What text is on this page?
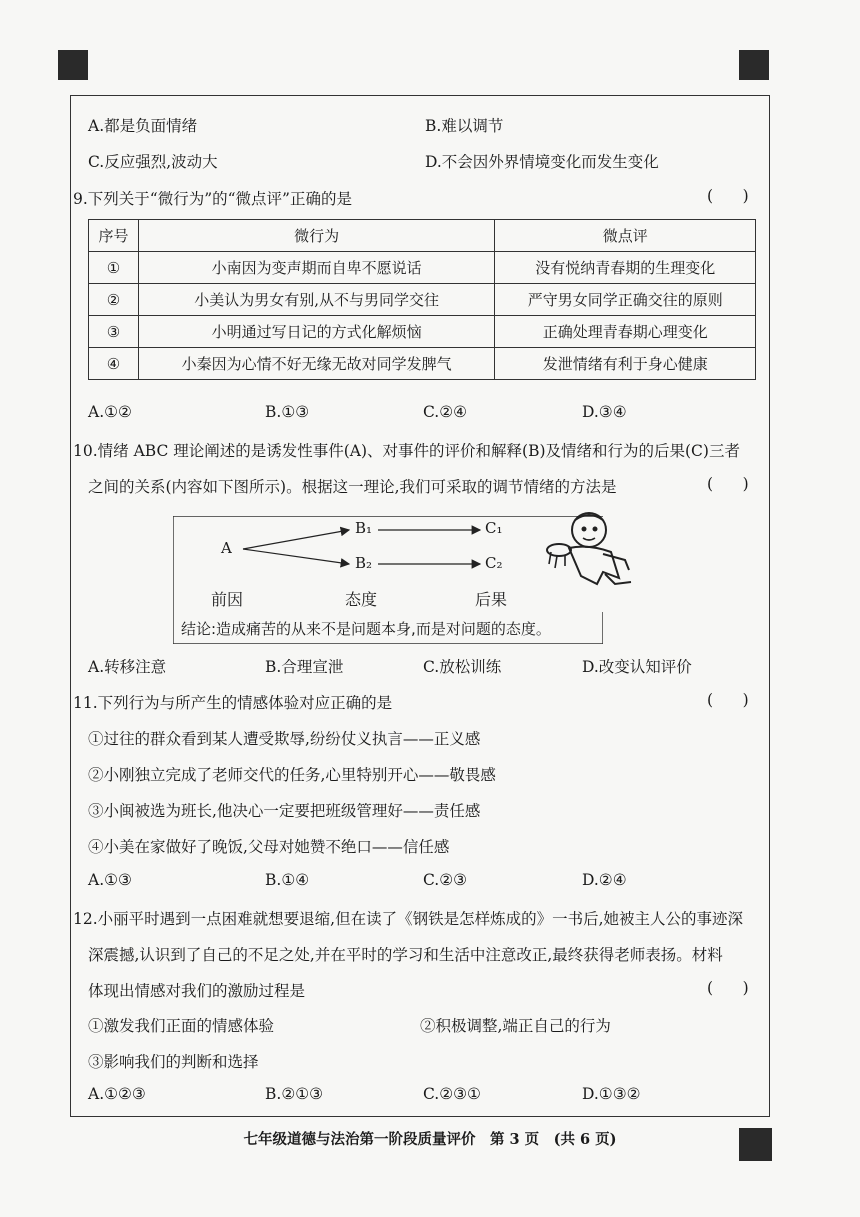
A.都是负面情绪	B.难以调节
C.反应强烈,波动大	D.不会因外界情境变化而发生变化
9.下列关于“微行为”的“微点评”正确的是	(      )
序号	微行为	微点评
①	小南因为变声期而自卑不愿说话	没有悦纳青春期的生理变化
②	小美认为男女有别,从不与男同学交往	严守男女同学正确交往的原则
③	小明通过写日记的方式化解烦恼	正确处理青春期心理变化
④	小秦因为心情不好无缘无故对同学发脾气	发泄情绪有利于身心健康
A.①②	B.①③	C.②④	D.③④
10.情绪 ABC 理论阐述的是诱发性事件(A)、对事件的评价和解释(B)及情绪和行为的后果(C)三者
之间的关系(内容如下图所示)。根据这一理论,我们可采取的调节情绪的方法是	(      )
A
B₁
B₂
C₁
C₂
前因	态度	后果
结论:造成痛苦的从来不是问题本身,而是对问题的态度。
A.转移注意	B.合理宣泄	C.放松训练	D.改变认知评价
11.下列行为与所产生的情感体验对应正确的是	(      )
①过往的群众看到某人遭受欺辱,纷纷仗义执言——正义感
②小刚独立完成了老师交代的任务,心里特别开心——敬畏感
③小闽被选为班长,他决心一定要把班级管理好——责任感
④小美在家做好了晚饭,父母对她赞不绝口——信任感
A.①③	B.①④	C.②③	D.②④
12.小丽平时遇到一点困难就想要退缩,但在读了《钢铁是怎样炼成的》一书后,她被主人公的事迹深
深震撼,认识到了自己的不足之处,并在平时的学习和生活中注意改正,最终获得老师表扬。材料
体现出情感对我们的激励过程是	(      )
①激发我们正面的情感体验	②积极调整,端正自己的行为
③影响我们的判断和选择
A.①②③	B.②①③	C.②③①	D.①③②
七年级道德与法治第一阶段质量评价　第 3 页　(共 6 页)
